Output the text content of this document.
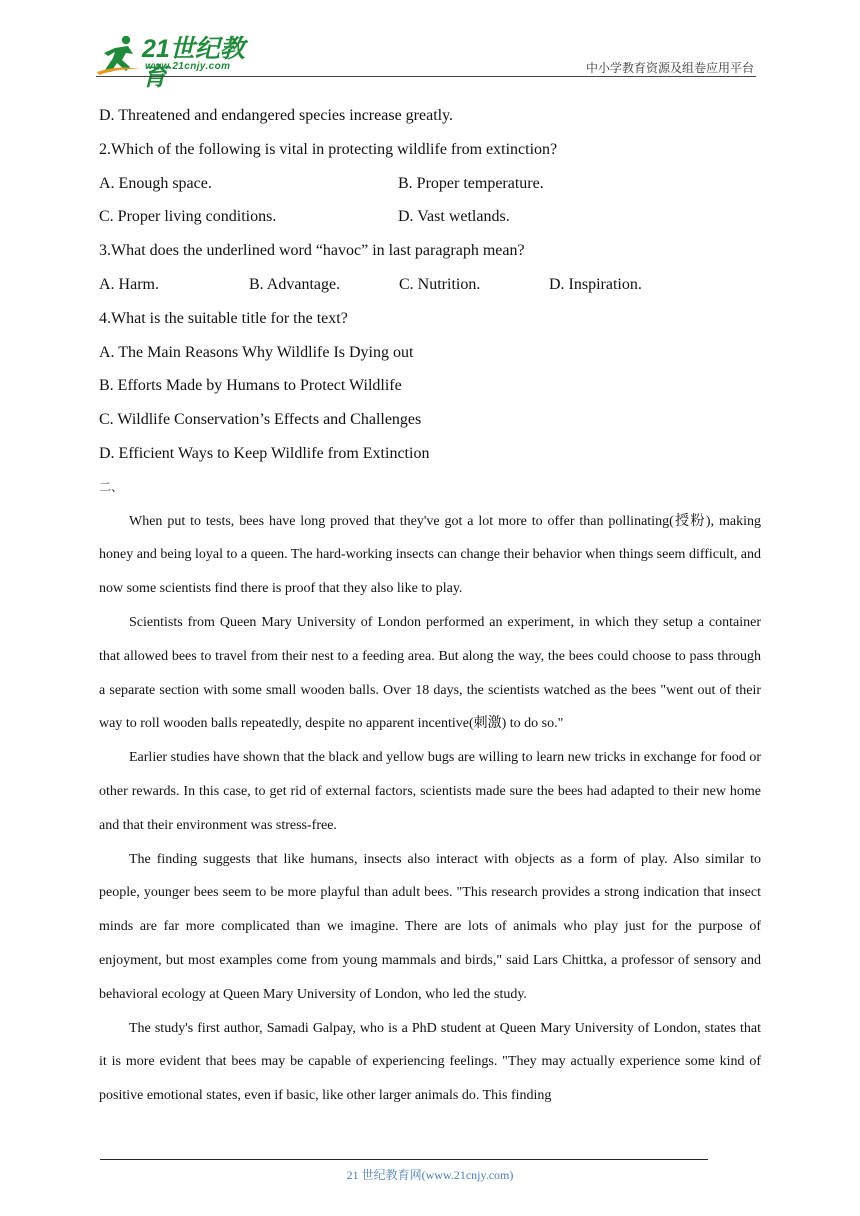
21世纪教育
www.21cnjy.com	中小学教育资源及组卷应用平台
D. Threatened and endangered species increase greatly.
2.Which of the following is vital in protecting wildlife from extinction?
A. Enough space.	B. Proper temperature.
C. Proper living conditions.	D. Vast wetlands.
3.What does the underlined word “havoc” in last paragraph mean?
A. Harm.	B. Advantage.	C. Nutrition.	D. Inspiration.
4.What is the suitable title for the text?
A. The Main Reasons Why Wildlife Is Dying out
B. Efforts Made by Humans to Protect Wildlife
C. Wildlife Conservation’s Effects and Challenges
D. Efficient Ways to Keep Wildlife from Extinction
二、

When put to tests, bees have long proved that they've got a lot more to offer than pollinating(授粉), making honey and being loyal to a queen. The hard-working insects can change their behavior when things seem difficult, and now some scientists find there is proof that they also like to play.

Scientists from Queen Mary University of London performed an experiment, in which they setup a container that allowed bees to travel from their nest to a feeding area. But along the way, the bees could choose to pass through a separate section with some small wooden balls. Over 18 days, the scientists watched as the bees "went out of their way to roll wooden balls repeatedly, despite no apparent incentive(刺激) to do so."

Earlier studies have shown that the black and yellow bugs are willing to learn new tricks in exchange for food or other rewards. In this case, to get rid of external factors, scientists made sure the bees had adapted to their new home and that their environment was stress-free.

The finding suggests that like humans, insects also interact with objects as a form of play. Also similar to people, younger bees seem to be more playful than adult bees. "This research provides a strong indication that insect minds are far more complicated than we imagine. There are lots of animals who play just for the purpose of enjoyment, but most examples come from young mammals and birds," said Lars Chittka, a professor of sensory and behavioral ecology at Queen Mary University of London, who led the study.

The study's first author, Samadi Galpay, who is a PhD student at Queen Mary University of London, states that it is more evident that bees may be capable of experiencing feelings. "They may actually experience some kind of positive emotional states, even if basic, like other larger animals do. This finding

21 世纪教育网(www.21cnjy.com)
